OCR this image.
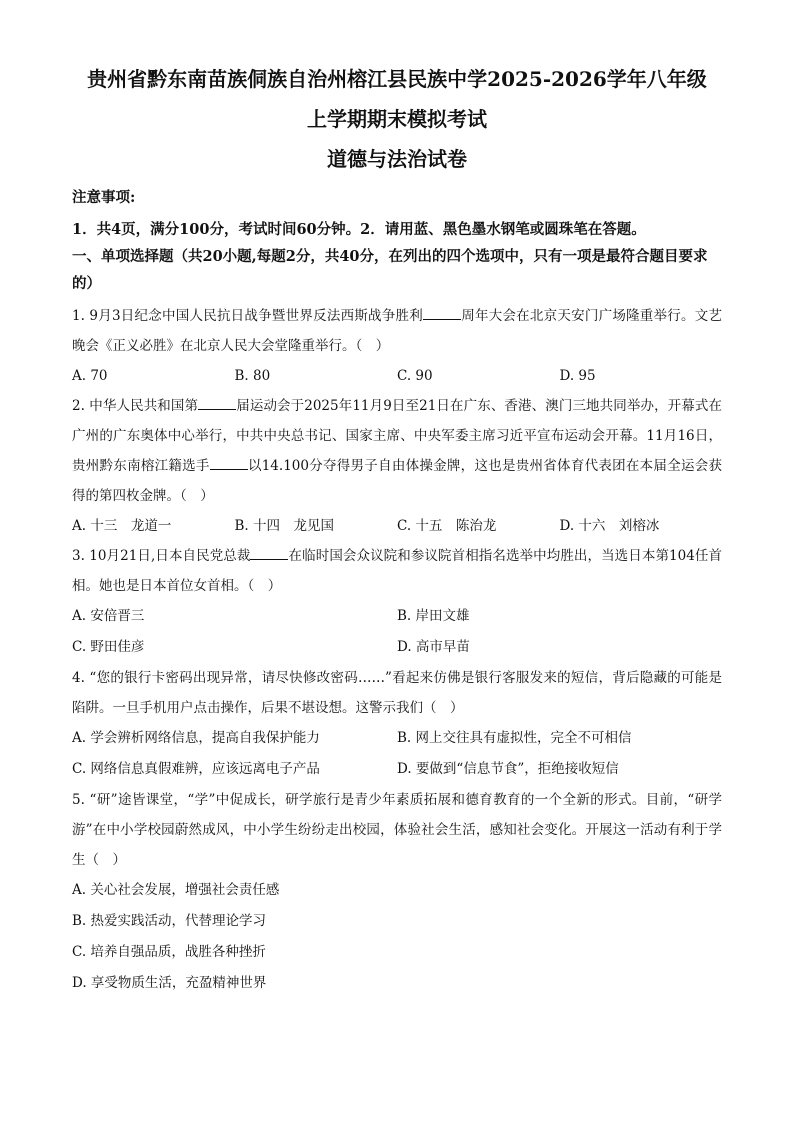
贵州省黔东南苗族侗族自治州榕江县民族中学2025-2026学年八年级
上学期期末模拟考试
道德与法治试卷
注意事项:
1．共4页，满分100分，考试时间60分钟。2．请用蓝、黑色墨水钢笔或圆珠笔在答题。
一、单项选择题（共20小题,每题2分，共40分，在列出的四个选项中，只有一项是最符合题目要求的）
1. 9月3日纪念中国人民抗日战争暨世界反法西斯战争胜利	周年大会在北京天安门广场隆重举行。文艺晚会《正义必胜》在北京人民大会堂隆重举行。（　）
A. 70	B. 80	C. 90	D. 95
2. 中华人民共和国第	届运动会于2025年11月9日至21日在广东、香港、澳门三地共同举办，开幕式在广州的广东奥体中心举行，中共中央总书记、国家主席、中央军委主席习近平宣布运动会开幕。11月16日，贵州黔东南榕江籍选手	以14.100分夺得男子自由体操金牌，这也是贵州省体育代表团在本届全运会获得的第四枚金牌。（　）
A. 十三　龙道一	B. 十四　龙见国	C. 十五　陈治龙	D. 十六　刘榕冰
3. 10月21日,日本自民党总裁	在临时国会众议院和参议院首相指名选举中均胜出，当选日本第104任首相。她也是日本首位女首相。（　）
A. 安倍晋三	B. 岸田文雄
C. 野田佳彦	D. 高市早苗
4. “您的银行卡密码出现异常，请尽快修改密码……”看起来仿佛是银行客服发来的短信，背后隐藏的可能是陷阱。一旦手机用户点击操作，后果不堪设想。这警示我们（　）
A. 学会辨析网络信息，提高自我保护能力	B. 网上交往具有虚拟性，完全不可相信
C. 网络信息真假难辨，应该远离电子产品	D. 要做到“信息节食”，拒绝接收短信
5. “研”途皆课堂，“学”中促成长，研学旅行是青少年素质拓展和德育教育的一个全新的形式。目前，“研学游”在中小学校园蔚然成风，中小学生纷纷走出校园，体验社会生活，感知社会变化。开展这一活动有利于学生（　）
A. 关心社会发展，增强社会责任感
B. 热爱实践活动，代替理论学习
C. 培养自强品质，战胜各种挫折
D. 享受物质生活，充盈精神世界
